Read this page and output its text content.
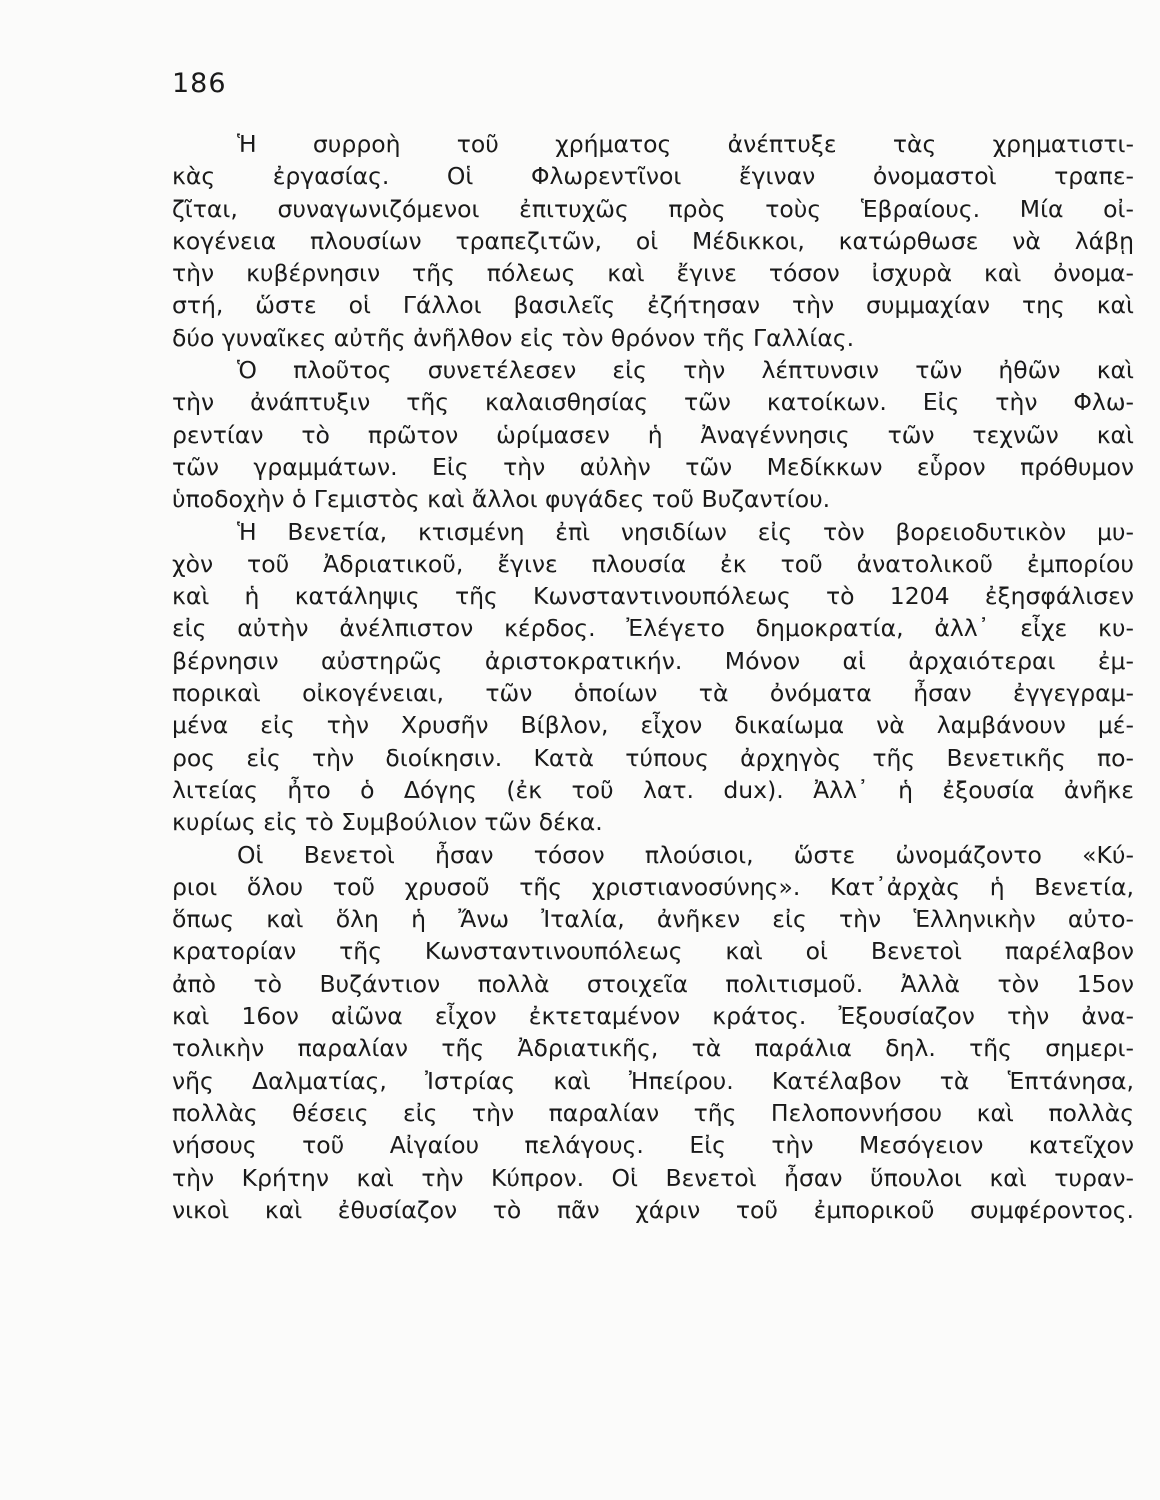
186
Ἡ συρροὴ τοῦ χρήματος ἀνέπτυξε τὰς χρηματιστι-
κὰς ἐργασίας. Οἱ Φλωρεντῖνοι ἔγιναν ὀνομαστοὶ τραπε-
ζῖται, συναγωνιζόμενοι ἐπιτυχῶς πρὸς τοὺς Ἑβραίους. Μία οἰ-
κογένεια πλουσίων τραπεζιτῶν, οἱ Μέδικκοι, κατώρθωσε νὰ λάβῃ
τὴν κυβέρνησιν τῆς πόλεως καὶ ἔγινε τόσον ἰσχυρὰ καὶ ὀνομα-
στή, ὥστε οἱ Γάλλοι βασιλεῖς ἐζήτησαν τὴν συμμαχίαν της καὶ
δύο γυναῖκες αὐτῆς ἀνῆλθον εἰς τὸν θρόνον τῆς Γαλλίας.
Ὁ πλοῦτος συνετέλεσεν εἰς τὴν λέπτυνσιν τῶν ἠθῶν καὶ
τὴν ἀνάπτυξιν τῆς καλαισθησίας τῶν κατοίκων. Εἰς τὴν Φλω-
ρεντίαν τὸ πρῶτον ὡρίμασεν ἡ Ἀναγέννησις τῶν τεχνῶν καὶ
τῶν γραμμάτων. Εἰς τὴν αὐλὴν τῶν Μεδίκκων εὗρον πρόθυμον
ὑποδοχὴν ὁ Γεμιστὸς καὶ ἄλλοι φυγάδες τοῦ Βυζαντίου.
Ἡ Βενετία, κτισμένη ἐπὶ νησιδίων εἰς τὸν βορειοδυτικὸν μυ-
χὸν τοῦ Ἀδριατικοῦ, ἔγινε πλουσία ἐκ τοῦ ἀνατολικοῦ ἐμπορίου
καὶ ἡ κατάληψις τῆς Κωνσταντινουπόλεως τὸ 1204 ἐξησφάλισεν
εἰς αὐτὴν ἀνέλπιστον κέρδος. Ἐλέγετο δημοκρατία, ἀλλ᾽ εἶχε κυ-
βέρνησιν αὐστηρῶς ἀριστοκρατικήν. Μόνον αἱ ἀρχαιότεραι ἐμ-
πορικαὶ οἰκογένειαι, τῶν ὁποίων τὰ ὀνόματα ἦσαν ἐγγεγραμ-
μένα εἰς τὴν Χρυσῆν Βίβλον, εἶχον δικαίωμα νὰ λαμβάνουν μέ-
ρος εἰς τὴν διοίκησιν. Κατὰ τύπους ἀρχηγὸς τῆς Βενετικῆς πο-
λιτείας ἦτο ὁ Δόγης (ἐκ τοῦ λατ. dux). Ἀλλ᾽ ἡ ἐξουσία ἀνῆκε
κυρίως εἰς τὸ Συμβούλιον τῶν δέκα.
Οἱ Βενετοὶ ἦσαν τόσον πλούσιοι, ὥστε ὠνομάζοντο «Κύ-
ριοι ὅλου τοῦ χρυσοῦ τῆς χριστιανοσύνης». Κατ᾽ἀρχὰς ἡ Βενετία,
ὅπως καὶ ὅλη ἡ Ἄνω Ἰταλία, ἀνῆκεν εἰς τὴν Ἑλληνικὴν αὐτο-
κρατορίαν τῆς Κωνσταντινουπόλεως καὶ οἱ Βενετοὶ παρέλαβον
ἀπὸ τὸ Βυζάντιον πολλὰ στοιχεῖα πολιτισμοῦ. Ἀλλὰ τὸν 15ον
καὶ 16ον αἰῶνα εἶχον ἐκτεταμένον κράτος. Ἐξουσίαζον τὴν ἀνα-
τολικὴν παραλίαν τῆς Ἀδριατικῆς, τὰ παράλια δηλ. τῆς σημερι-
νῆς Δαλματίας, Ἰστρίας καὶ Ἠπείρου. Κατέλαβον τὰ Ἑπτάνησα,
πολλὰς θέσεις εἰς τὴν παραλίαν τῆς Πελοποννήσου καὶ πολλὰς
νήσους τοῦ Αἰγαίου πελάγους. Εἰς τὴν Μεσόγειον κατεῖχον
τὴν Κρήτην καὶ τὴν Κύπρον. Οἱ Βενετοὶ ἦσαν ὕπουλοι καὶ τυραν-
νικοὶ καὶ ἐθυσίαζον τὸ πᾶν χάριν τοῦ ἐμπορικοῦ συμφέροντος.
